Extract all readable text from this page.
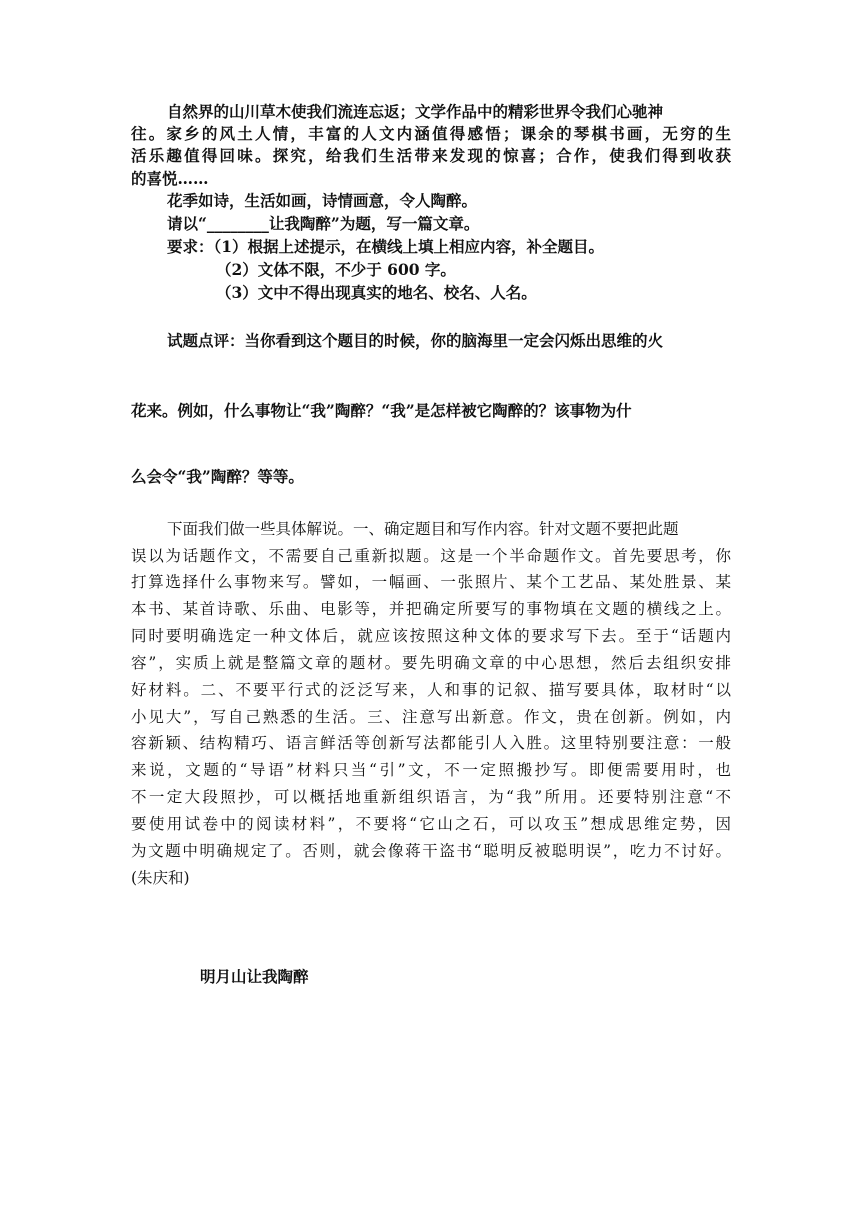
自然界的山川草木使我们流连忘返；文学作品中的精彩世界令我们心驰神
往。家乡的风土人情，丰富的人文内涵值得感悟；课余的琴棋书画，无穷的生
活乐趣值得回味。探究，给我们生活带来发现的惊喜；合作，使我们得到收获
的喜悦……
花季如诗，生活如画，诗情画意，令人陶醉。
请以“________让我陶醉”为题，写一篇文章。
要求：（1）根据上述提示，在横线上填上相应内容，补全题目。
（2）文体不限，不少于 600 字。
（3）文中不得出现真实的地名、校名、人名。
试题点评：当你看到这个题目的时候，你的脑海里一定会闪烁出思维的火
花来。例如，什么事物让“我”陶醉？“我”是怎样被它陶醉的？该事物为什
么会令“我”陶醉？等等。
下面我们做一些具体解说。一、确定题目和写作内容。针对文题不要把此题
误以为话题作文，不需要自己重新拟题。这是一个半命题作文。首先要思考，你
打算选择什么事物来写。譬如，一幅画、一张照片、某个工艺品、某处胜景、某
本书、某首诗歌、乐曲、电影等，并把确定所要写的事物填在文题的横线之上。
同时要明确选定一种文体后，就应该按照这种文体的要求写下去。至于“话题内
容”，实质上就是整篇文章的题材。要先明确文章的中心思想，然后去组织安排
好材料。二、不要平行式的泛泛写来，人和事的记叙、描写要具体，取材时“以
小见大”，写自己熟悉的生活。三、注意写出新意。作文，贵在创新。例如，内
容新颖、结构精巧、语言鲜活等创新写法都能引人入胜。这里特别要注意：一般
来说，文题的“导语”材料只当“引”文，不一定照搬抄写。即便需要用时，也
不一定大段照抄，可以概括地重新组织语言，为“我”所用。还要特别注意“不
要使用试卷中的阅读材料”，不要将“它山之石，可以攻玉”想成思维定势，因
为文题中明确规定了。否则，就会像蒋干盗书“聪明反被聪明误”，吃力不讨好。
(朱庆和)
明月山让我陶醉
